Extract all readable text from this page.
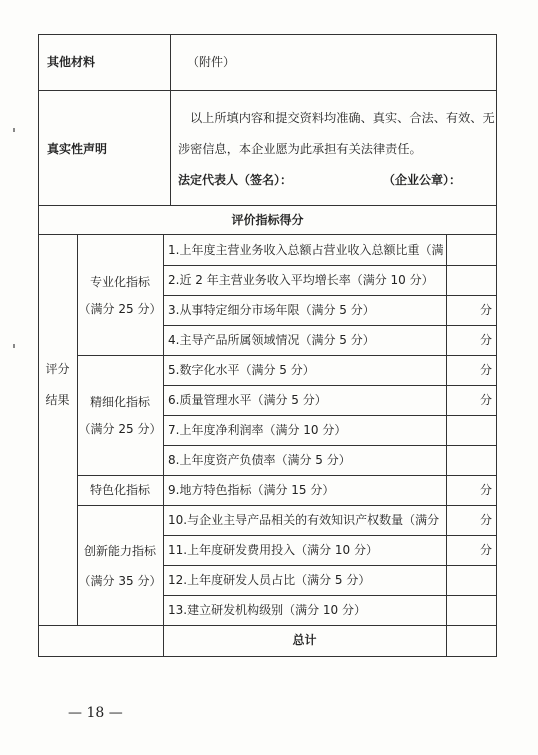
其他材料	（附件）
真实性声明
以上所填内容和提交资料均准确、真实、合法、有效、无
涉密信息，本企业愿为此承担有关法律责任。
法定代表人（签名）：	（企业公章）：
评价指标得分
评分
结果
专业化指标
（满分 25 分）
精细化指标
（满分 25 分）
特色化指标
创新能力指标
（满分 35 分）
1.上年度主营业务收入总额占营业收入总额比重（满
2.近 2 年主营业务收入平均增长率（满分 10 分）
3.从事特定细分市场年限（满分 5 分）
4.主导产品所属领域情况（满分 5 分）
5.数字化水平（满分 5 分）
6.质量管理水平（满分 5 分）
7.上年度净利润率（满分 10 分）
8.上年度资产负债率（满分 5 分）
9.地方特色指标（满分 15 分）
10.与企业主导产品相关的有效知识产权数量（满分
11.上年度研发费用投入（满分 10 分）
12.上年度研发人员占比（满分 5 分）
13.建立研发机构级别（满分 10 分）
分
分
分
分
分
分
分
总计
— 18 —
